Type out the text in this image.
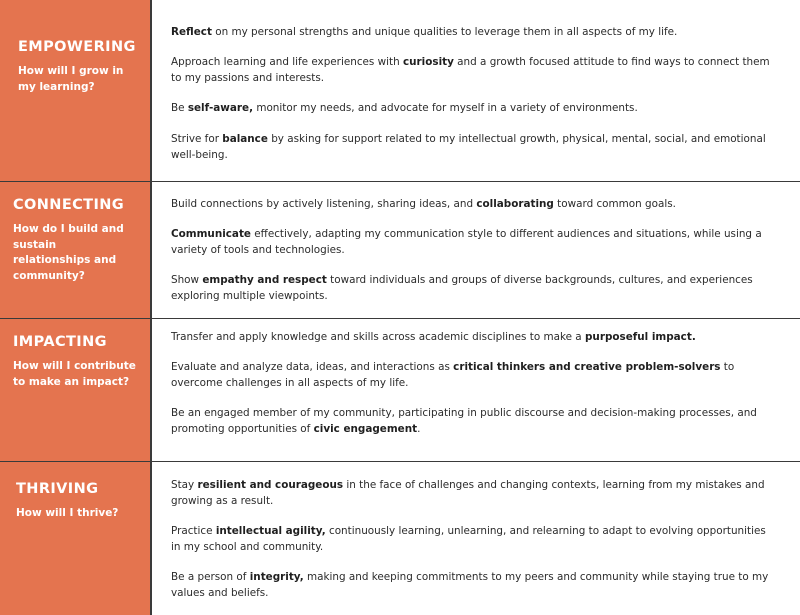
EMPOWERING
How will I grow in my learning?
Reflect on my personal strengths and unique qualities to leverage them in all aspects of my life.
Approach learning and life experiences with curiosity and a growth focused attitude to find ways to connect them to my passions and interests.
Be self-aware, monitor my needs, and advocate for myself in a variety of environments.
Strive for balance by asking for support related to my intellectual growth, physical, mental, social, and emotional well-being.
CONNECTING
How do I build and sustain relationships and community?
Build connections by actively listening, sharing ideas, and collaborating toward common goals.
Communicate effectively, adapting my communication style to different audiences and situations, while using a variety of tools and technologies.
Show empathy and respect toward individuals and groups of diverse backgrounds, cultures, and experiences exploring multiple viewpoints.
IMPACTING
How will I contribute to make an impact?
Transfer and apply knowledge and skills across academic disciplines to make a purposeful impact.
Evaluate and analyze data, ideas, and interactions as critical thinkers and creative problem-solvers to overcome challenges in all aspects of my life.
Be an engaged member of my community, participating in public discourse and decision-making processes, and promoting opportunities of civic engagement.
THRIVING
How will I thrive?
Stay resilient and courageous in the face of challenges and changing contexts, learning from my mistakes and growing as a result.
Practice intellectual agility, continuously learning, unlearning, and relearning to adapt to evolving opportunities in my school and community.
Be a person of integrity, making and keeping commitments to my peers and community while staying true to my values and beliefs.
